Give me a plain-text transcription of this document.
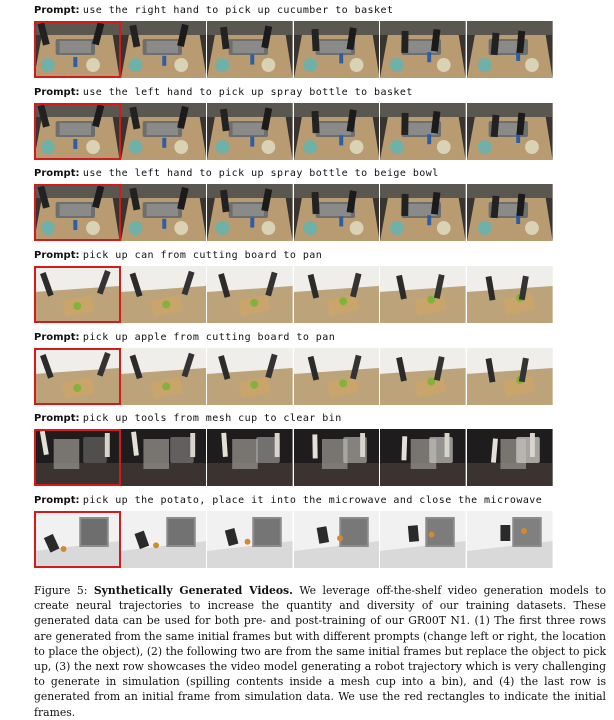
Prompt: use the right hand to pick up cucumber to basket
Prompt: use the left hand to pick up spray bottle to basket
Prompt: use the left hand to pick up spray bottle to beige bowl
Prompt: pick up can from cutting board to pan
Prompt: pick up apple from cutting board to pan
Prompt: pick up tools from mesh cup to clear bin
Prompt: pick up the potato, place it into the microwave and close the microwave
Figure 5: Synthetically Generated Videos. We leverage off-the-shelf video generation models to create neural trajectories to increase the quantity and diversity of our training datasets. These generated data can be used for both pre- and post-training of our GR00T N1. (1) The first three rows are generated from the same initial frames but with different prompts (change left or right, the location to place the object), (2) the following two are from the same initial frames but replace the object to pick up, (3) the next row showcases the video model generating a robot trajectory which is very challenging to generate in simulation (spilling contents inside a mesh cup into a bin), and (4) the last row is generated from an initial frame from simulation data. We use the red rectangles to indicate the initial frames.
